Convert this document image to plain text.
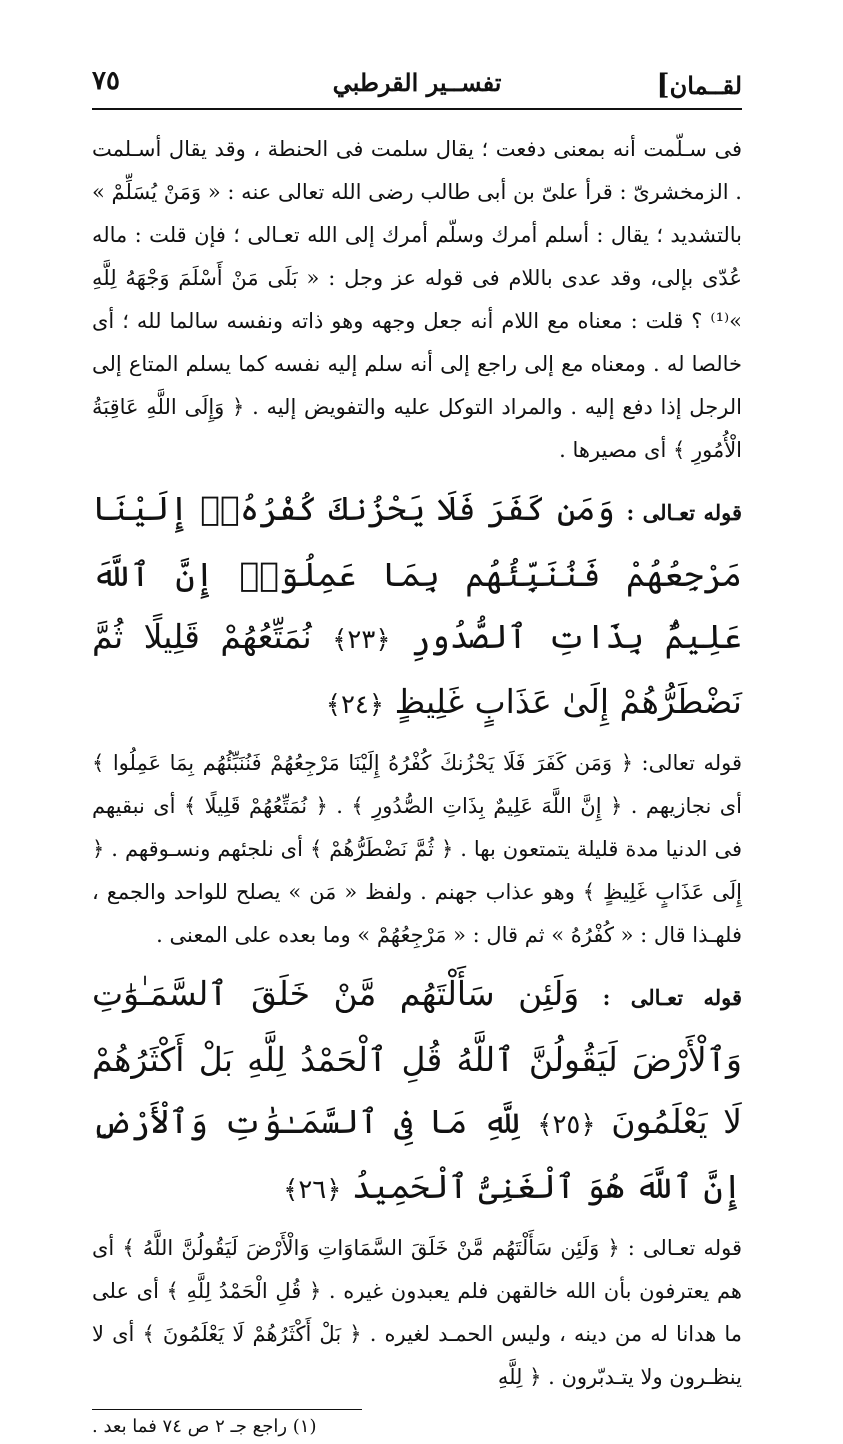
لقــمان]
تفســير القرطبي
٧٥

فى سـلّمت أنه بمعنى دفعت ؛ يقال سلمت فى الحنطة ، وقد يقال أسـلمت . الزمخشرىّ : قرأ علىّ بن أبى طالب رضى الله تعالى عنه : « وَمَنْ يُسَلِّمْ » بالتشديد ؛ يقال : أسلم أمرك وسلّم أمرك إلى الله تعـالى ؛ فإن قلت : ماله عُدّى بإلى، وقد عدى باللام فى قوله عز وجل : « بَلَى مَنْ أَسْلَمَ وَجْهَهُ لِلَّهِ »⁽¹⁾ ؟ قلت : معناه مع اللام أنه جعل وجهه وهو ذاته ونفسه سالما لله ؛ أى خالصا له . ومعناه مع إلى راجع إلى أنه سلم إليه نفسه كما يسلم المتاع إلى الرجل إذا دفع إليه . والمراد التوكل عليه والتفويض إليه . ﴿ وَإِلَى اللَّهِ عَاقِبَةُ الْأُمُورِ ﴾ أى مصيرها .

قوله تعـالى : وَمَن كَفَرَ فَلَا يَحْزُنكَ كُفْرُهُۥٓ إِلَيْنَا مَرْجِعُهُمْ فَنُنَبِّئُهُم بِمَا عَمِلُوٓا۟ إِنَّ ٱللَّهَ عَلِيمٌۢ بِذَاتِ ٱلصُّدُورِ ﴿٢٣﴾ نُمَتِّعُهُمْ قَلِيلًا ثُمَّ نَضْطَرُّهُمْ إِلَىٰ عَذَابٍ غَلِيظٍ ﴿٢٤﴾

قوله تعالى: ﴿ وَمَن كَفَرَ فَلَا يَحْزُنكَ كُفْرُهُ إِلَيْنَا مَرْجِعُهُمْ فَنُنَبِّئُهُم بِمَا عَمِلُوا ﴾ أى نجازيهم . ﴿ إِنَّ اللَّهَ عَلِيمٌ بِذَاتِ الصُّدُورِ ﴾ . ﴿ نُمَتِّعُهُمْ قَلِيلًا ﴾ أى نبقيهم فى الدنيا مدة قليلة يتمتعون بها . ﴿ ثُمَّ نَضْطَرُّهُمْ ﴾ أى نلجئهم ونسـوقهم . ﴿ إِلَى عَذَابٍ غَلِيظٍ ﴾ وهو عذاب جهنم . ولفظ « مَن » يصلح للواحد والجمع ، فلهـذا قال : « كُفْرُهُ » ثم قال : « مَرْجِعُهُمْ » وما بعده على المعنى .

قوله تعـالى : وَلَئِن سَأَلْتَهُم مَّنْ خَلَقَ ٱلسَّمَـٰوَٰتِ وَٱلْأَرْضَ لَيَقُولُنَّ ٱللَّهُ قُلِ ٱلْحَمْدُ لِلَّهِ بَلْ أَكْثَرُهُمْ لَا يَعْلَمُونَ ﴿٢٥﴾ لِلَّهِ مَا فِى ٱلسَّمَـٰوَٰتِ وَٱلْأَرْضِ إِنَّ ٱللَّهَ هُوَ ٱلْغَنِىُّ ٱلْحَمِيدُ ﴿٢٦﴾

قوله تعـالى : ﴿ وَلَئِن سَأَلْتَهُم مَّنْ خَلَقَ السَّمَاوَاتِ وَالْأَرْضَ لَيَقُولُنَّ اللَّهُ ﴾ أى هم يعترفون بأن الله خالقهن فلم يعبدون غيره . ﴿ قُلِ الْحَمْدُ لِلَّهِ ﴾ أى على ما هدانا له من دينه ، وليس الحمـد لغيره . ﴿ بَلْ أَكْثَرُهُمْ لَا يَعْلَمُونَ ﴾ أى لا ينظـرون ولا يتـدبّرون . ﴿ لِلَّهِ

(١) راجع جـ ٢ ص ٧٤ فما بعد .
